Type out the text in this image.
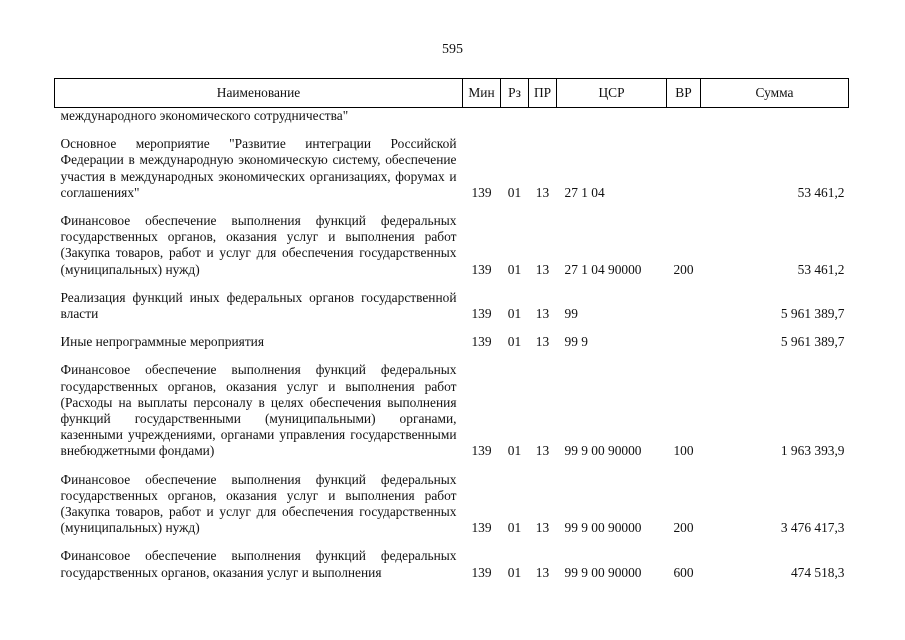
595
Наименование	Мин	Рз	ПР	ЦСР	ВР	Сумма
международного экономического сотрудничества"						
Основное мероприятие "Развитие интеграции Российской Федерации в международную экономическую систему, обеспечение участия в международных экономических организациях, форумах и соглашениях"	139	01	13	27 1 04		53 461,2
Финансовое обеспечение выполнения функций федеральных государственных органов, оказания услуг и выполнения работ (Закупка товаров, работ и услуг для обеспечения государственных (муниципальных) нужд)	139	01	13	27 1 04 90000	200	53 461,2
Реализация функций иных федеральных органов государственной власти	139	01	13	99		5 961 389,7
Иные непрограммные мероприятия	139	01	13	99 9		5 961 389,7
Финансовое обеспечение выполнения функций федеральных государственных органов, оказания услуг и выполнения работ (Расходы на выплаты персоналу в целях обеспечения выполнения функций государственными (муниципальными) органами, казенными учреждениями, органами управления государственными внебюджетными фондами)	139	01	13	99 9 00 90000	100	1 963 393,9
Финансовое обеспечение выполнения функций федеральных государственных органов, оказания услуг и выполнения работ (Закупка товаров, работ и услуг для обеспечения государственных (муниципальных) нужд)	139	01	13	99 9 00 90000	200	3 476 417,3
Финансовое обеспечение выполнения функций федеральных государственных органов, оказания услуг и выполнения	139	01	13	99 9 00 90000	600	474 518,3
